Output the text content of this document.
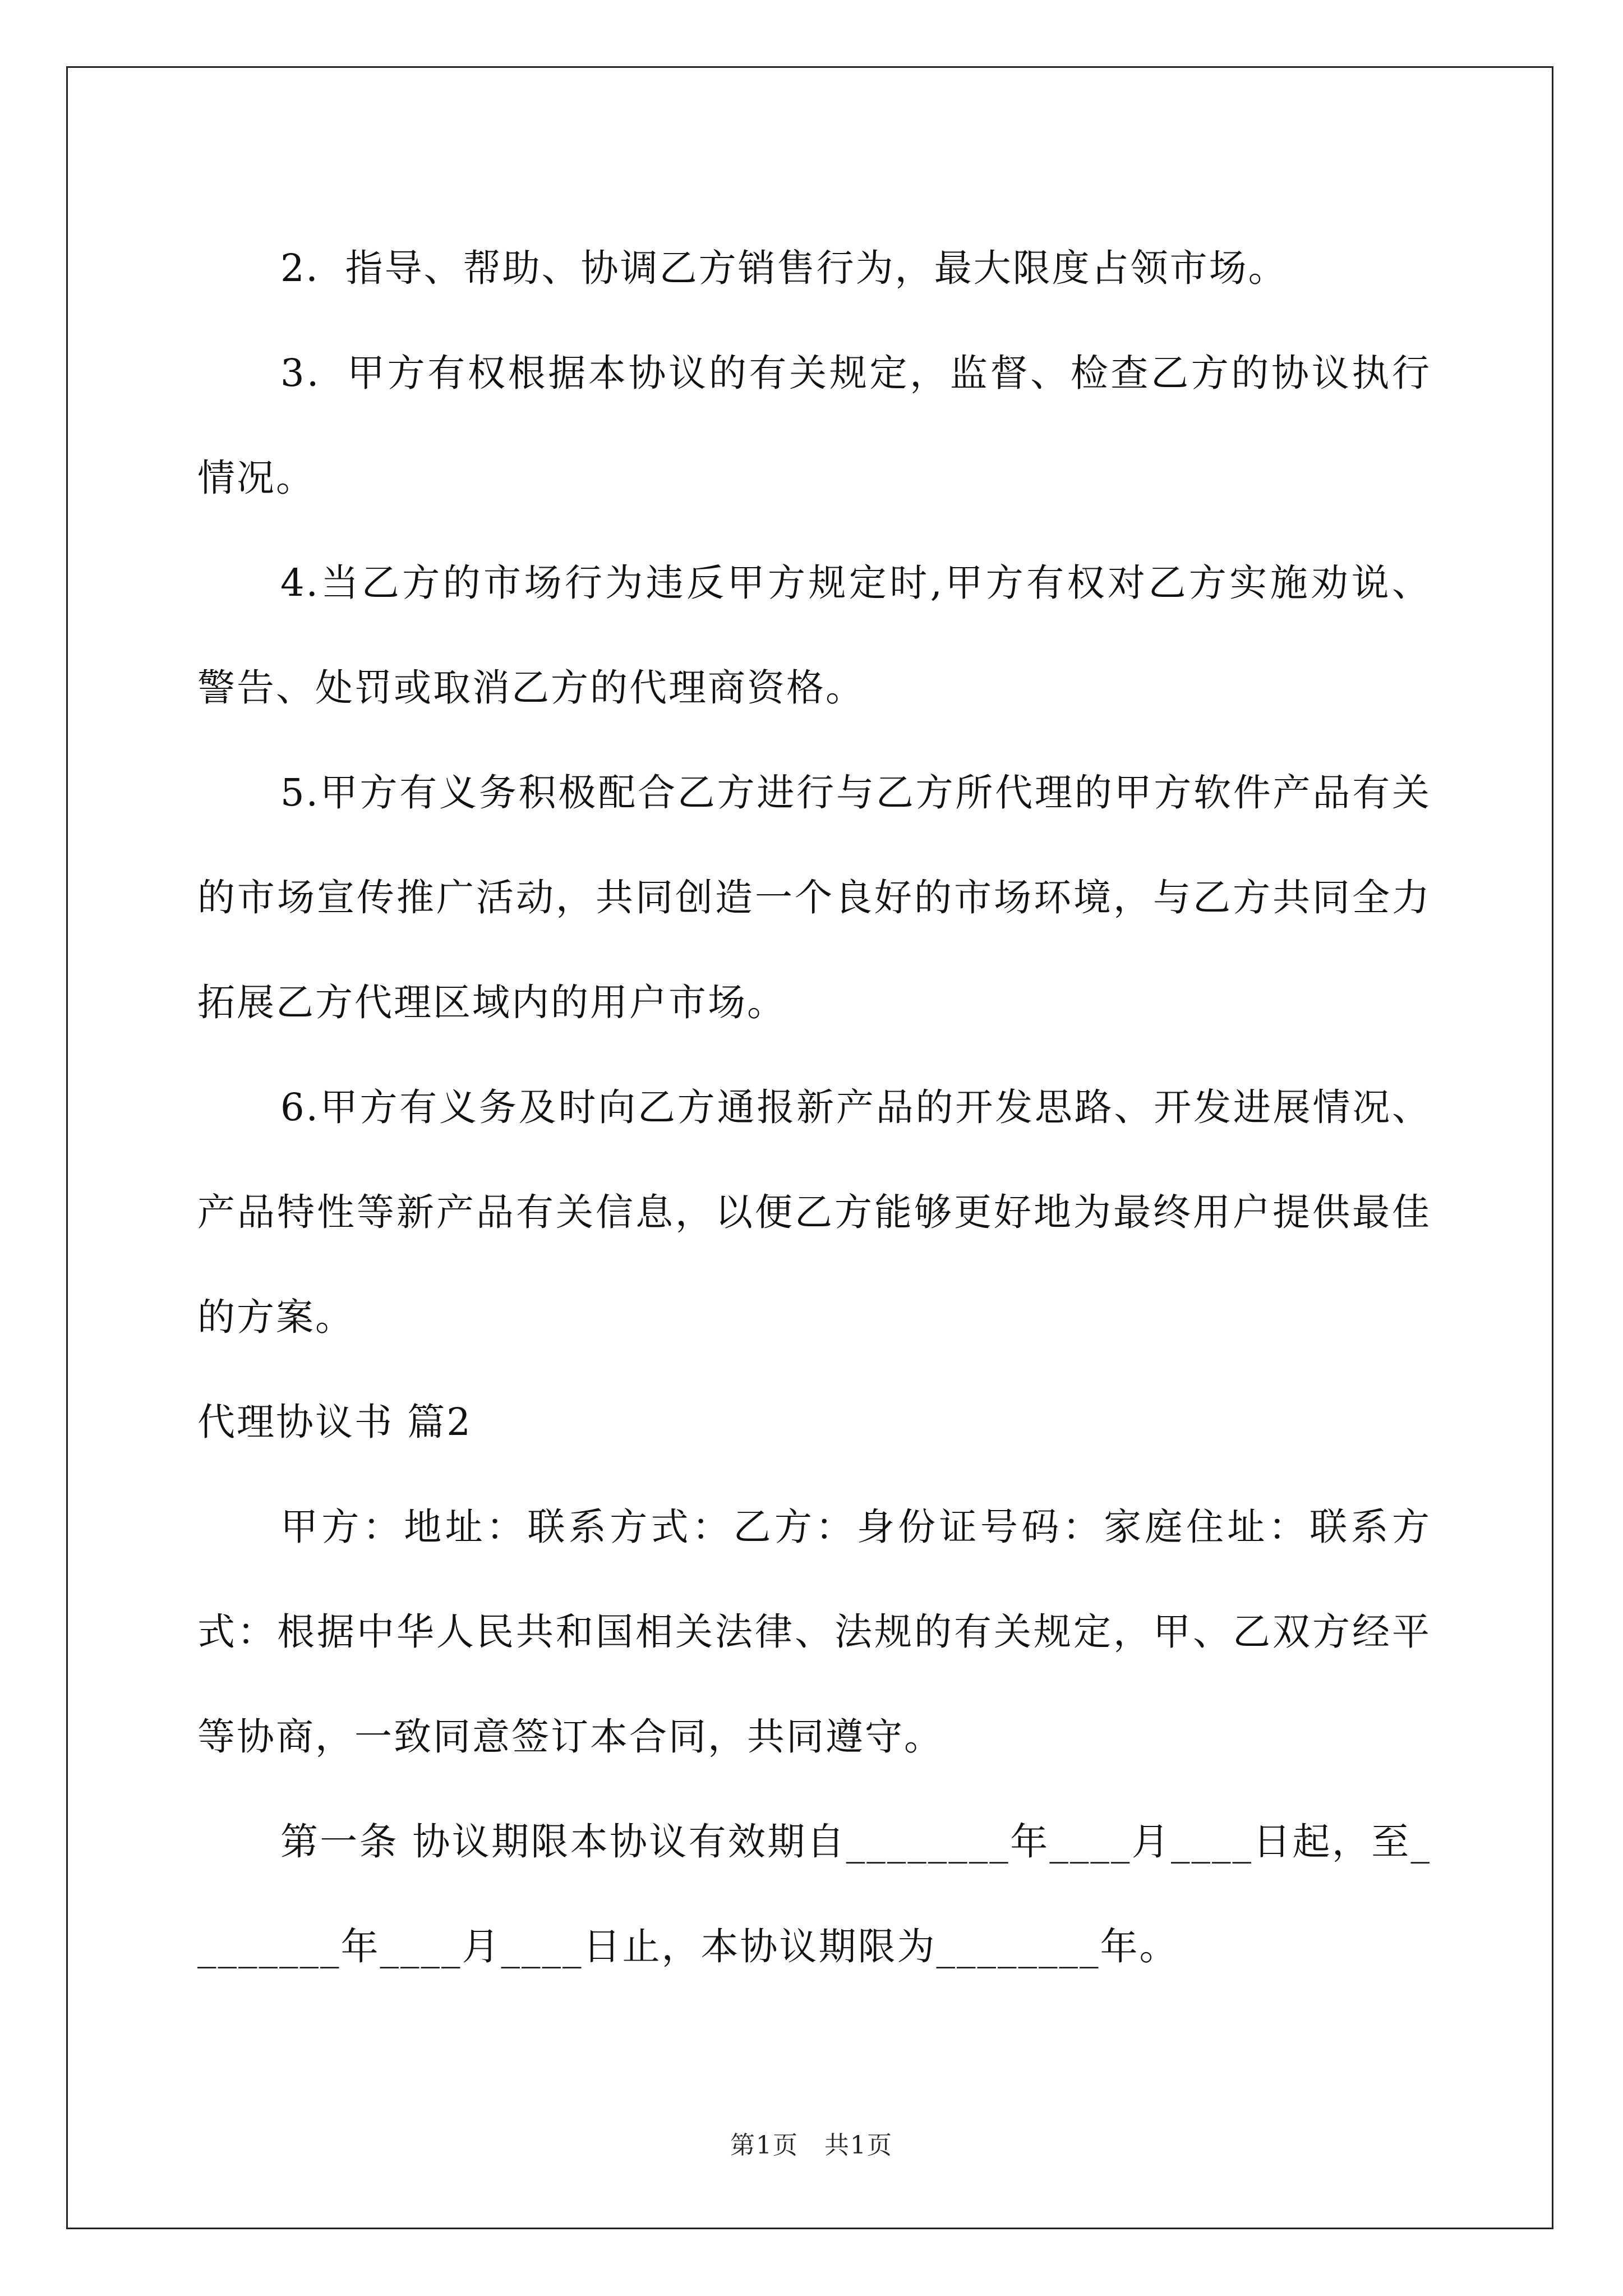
2．指导、帮助、协调乙方销售行为，最大限度占领市场。

3．甲方有权根据本协议的有关规定，监督、检查乙方的协议执行情况。

4.当乙方的市场行为违反甲方规定时,甲方有权对乙方实施劝说、警告、处罚或取消乙方的代理商资格。

5.甲方有义务积极配合乙方进行与乙方所代理的甲方软件产品有关的市场宣传推广活动，共同创造一个良好的市场环境，与乙方共同全力拓展乙方代理区域内的用户市场。

6.甲方有义务及时向乙方通报新产品的开发思路、开发进展情况、产品特性等新产品有关信息，以便乙方能够更好地为最终用户提供最佳的方案。

代理协议书 篇2

甲方：地址：联系方式：乙方：身份证号码：家庭住址：联系方式：根据中华人民共和国相关法律、法规的有关规定，甲、乙双方经平等协商，一致同意签订本合同，共同遵守。

第一条 协议期限本协议有效期自________年____月____日起，至________年____月____日止，本协议期限为________年。

第1页　共1页
